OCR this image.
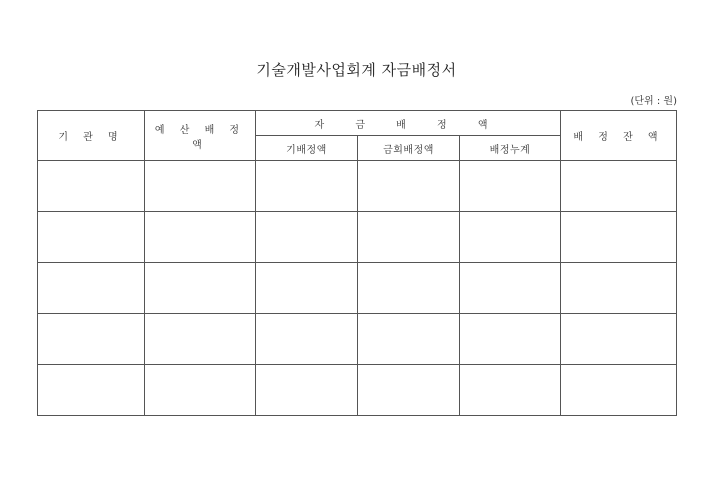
기술개발사업회계 자금배정서
(단위 : 원)
기 관 명	예 산 배 정 액	자 금 배 정 액			배 정 잔 액
		기배정액	금회배정액	배정누계	
